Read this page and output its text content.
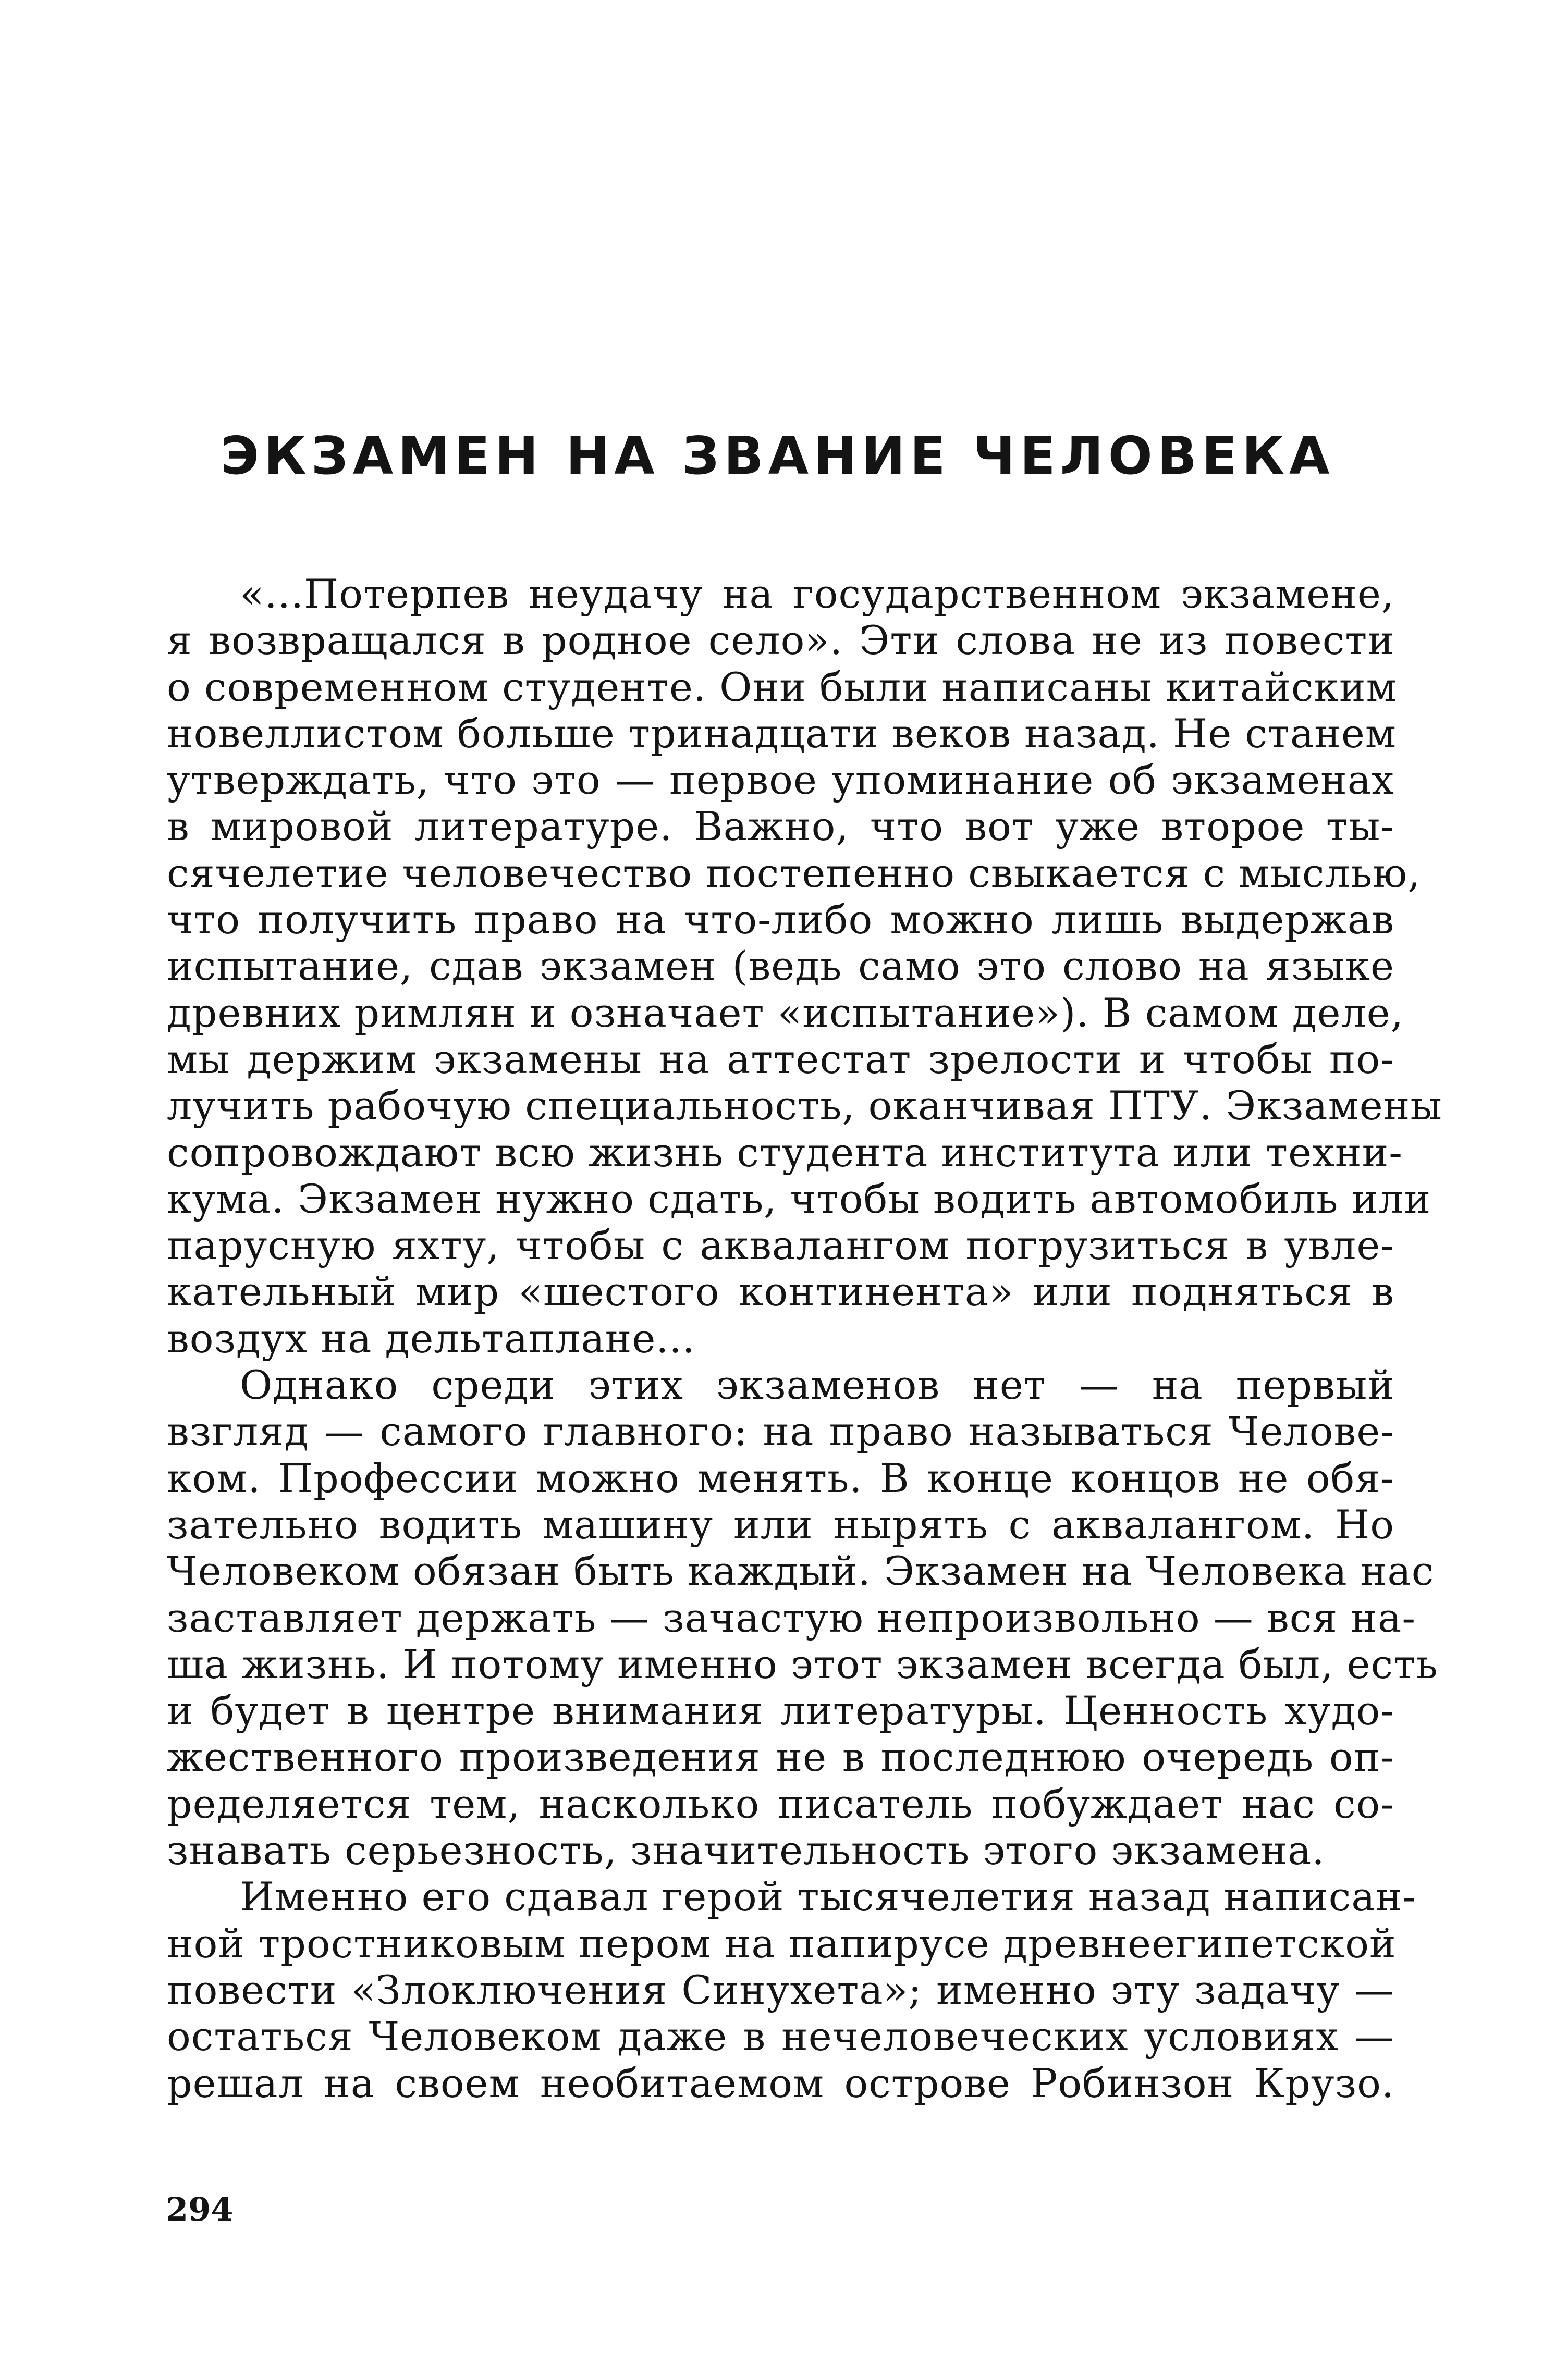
ЭКЗАМЕН НА ЗВАНИЕ ЧЕЛОВЕКА

«...Потерпев неудачу на государственном экзамене,
я возвращался в родное село». Эти слова не из повести
о современном студенте. Они были написаны китайским
новеллистом больше тринадцати веков назад. Не станем
утверждать, что это — первое упоминание об экзаменах
в мировой литературе. Важно, что вот уже второе ты-
сячелетие человечество постепенно свыкается с мыслью,
что получить право на что-либо можно лишь выдержав
испытание, сдав экзамен (ведь само это слово на языке
древних римлян и означает «испытание»). В самом деле,
мы держим экзамены на аттестат зрелости и чтобы по-
лучить рабочую специальность, оканчивая ПТУ. Экзамены
сопровождают всю жизнь студента института или техни-
кума. Экзамен нужно сдать, чтобы водить автомобиль или
парусную яхту, чтобы с аквалангом погрузиться в увле-
кательный мир «шестого континента» или подняться в
воздух на дельтаплане...

Однако среди этих экзаменов нет — на первый
взгляд — самого главного: на право называться Челове-
ком. Профессии можно менять. В конце концов не обя-
зательно водить машину или нырять с аквалангом. Но
Человеком обязан быть каждый. Экзамен на Человека нас
заставляет держать — зачастую непроизвольно — вся на-
ша жизнь. И потому именно этот экзамен всегда был, есть
и будет в центре внимания литературы. Ценность худо-
жественного произведения не в последнюю очередь оп-
ределяется тем, насколько писатель побуждает нас со-
знавать серьезность, значительность этого экзамена.

Именно его сдавал герой тысячелетия назад написан-
ной тростниковым пером на папирусе древнеегипетской
повести «Злоключения Синухета»; именно эту задачу —
остаться Человеком даже в нечеловеческих условиях —
решал на своем необитаемом острове Робинзон Крузо.

294
